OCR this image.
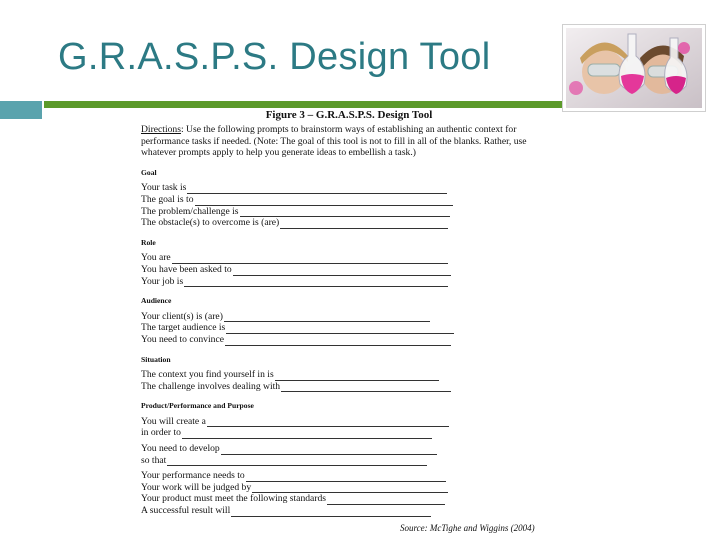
G.R.A.S.P.S. Design Tool
Figure 3 – G.R.A.S.P.S. Design Tool

Directions: Use the following prompts to brainstorm ways of establishing an authentic context for

performance tasks if needed. (Note: The goal of this tool is not to fill in all of the blanks. Rather, use

whatever prompts apply to help you generate ideas to embellish a task.)

Goal

Your task is
The goal is to
The problem/challenge is
The obstacle(s) to overcome is (are)

Role

You are
You have been asked to
Your job is

Audience

Your client(s) is (are)
The target audience is
You need to convince

Situation

The context you find yourself in is
The challenge involves dealing with

Product/Performance and Purpose

You will create a
in order to
You need to develop
so that
Your performance needs to
Your work will be judged by
Your product must meet the following standards
A successful result will
Source: McTighe and Wiggins (2004)
